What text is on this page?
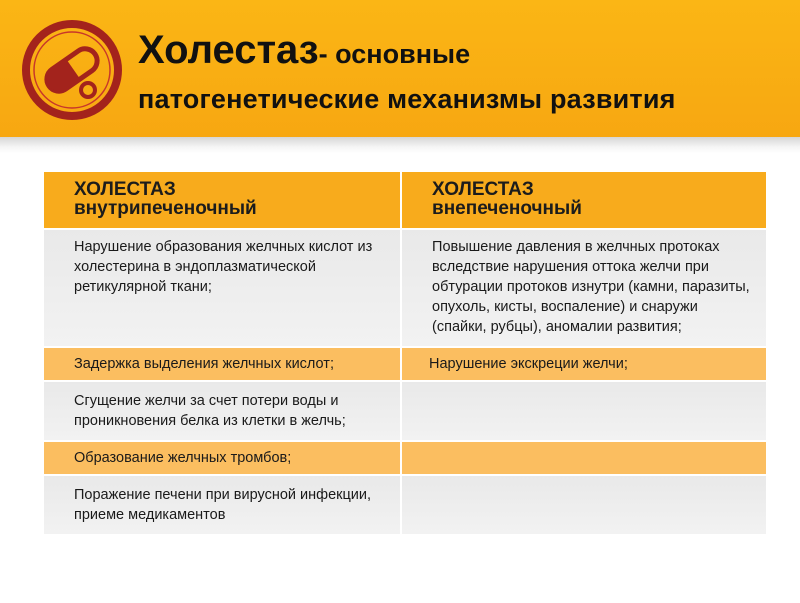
Холестаз- основные
патогенетические механизмы развития
ХОЛЕСТАЗ
внутрипеченочный
ХОЛЕСТАЗ
внепеченочный
Нарушение образования желчных кислот из холестерина в эндоплазматической ретикулярной ткани;
Повышение давления в желчных протоках вследствие нарушения оттока желчи при обтурации протоков изнутри (камни, паразиты, опухоль, кисты, воспаление) и снаружи (спайки, рубцы), аномалии развития;
Задержка выделения желчных кислот;	Нарушение экскреции желчи;
Сгущение желчи за счет потери воды и проникновения белка из клетки в желчь;
Образование желчных тромбов;
Поражение печени при вирусной инфекции, приеме медикаментов
